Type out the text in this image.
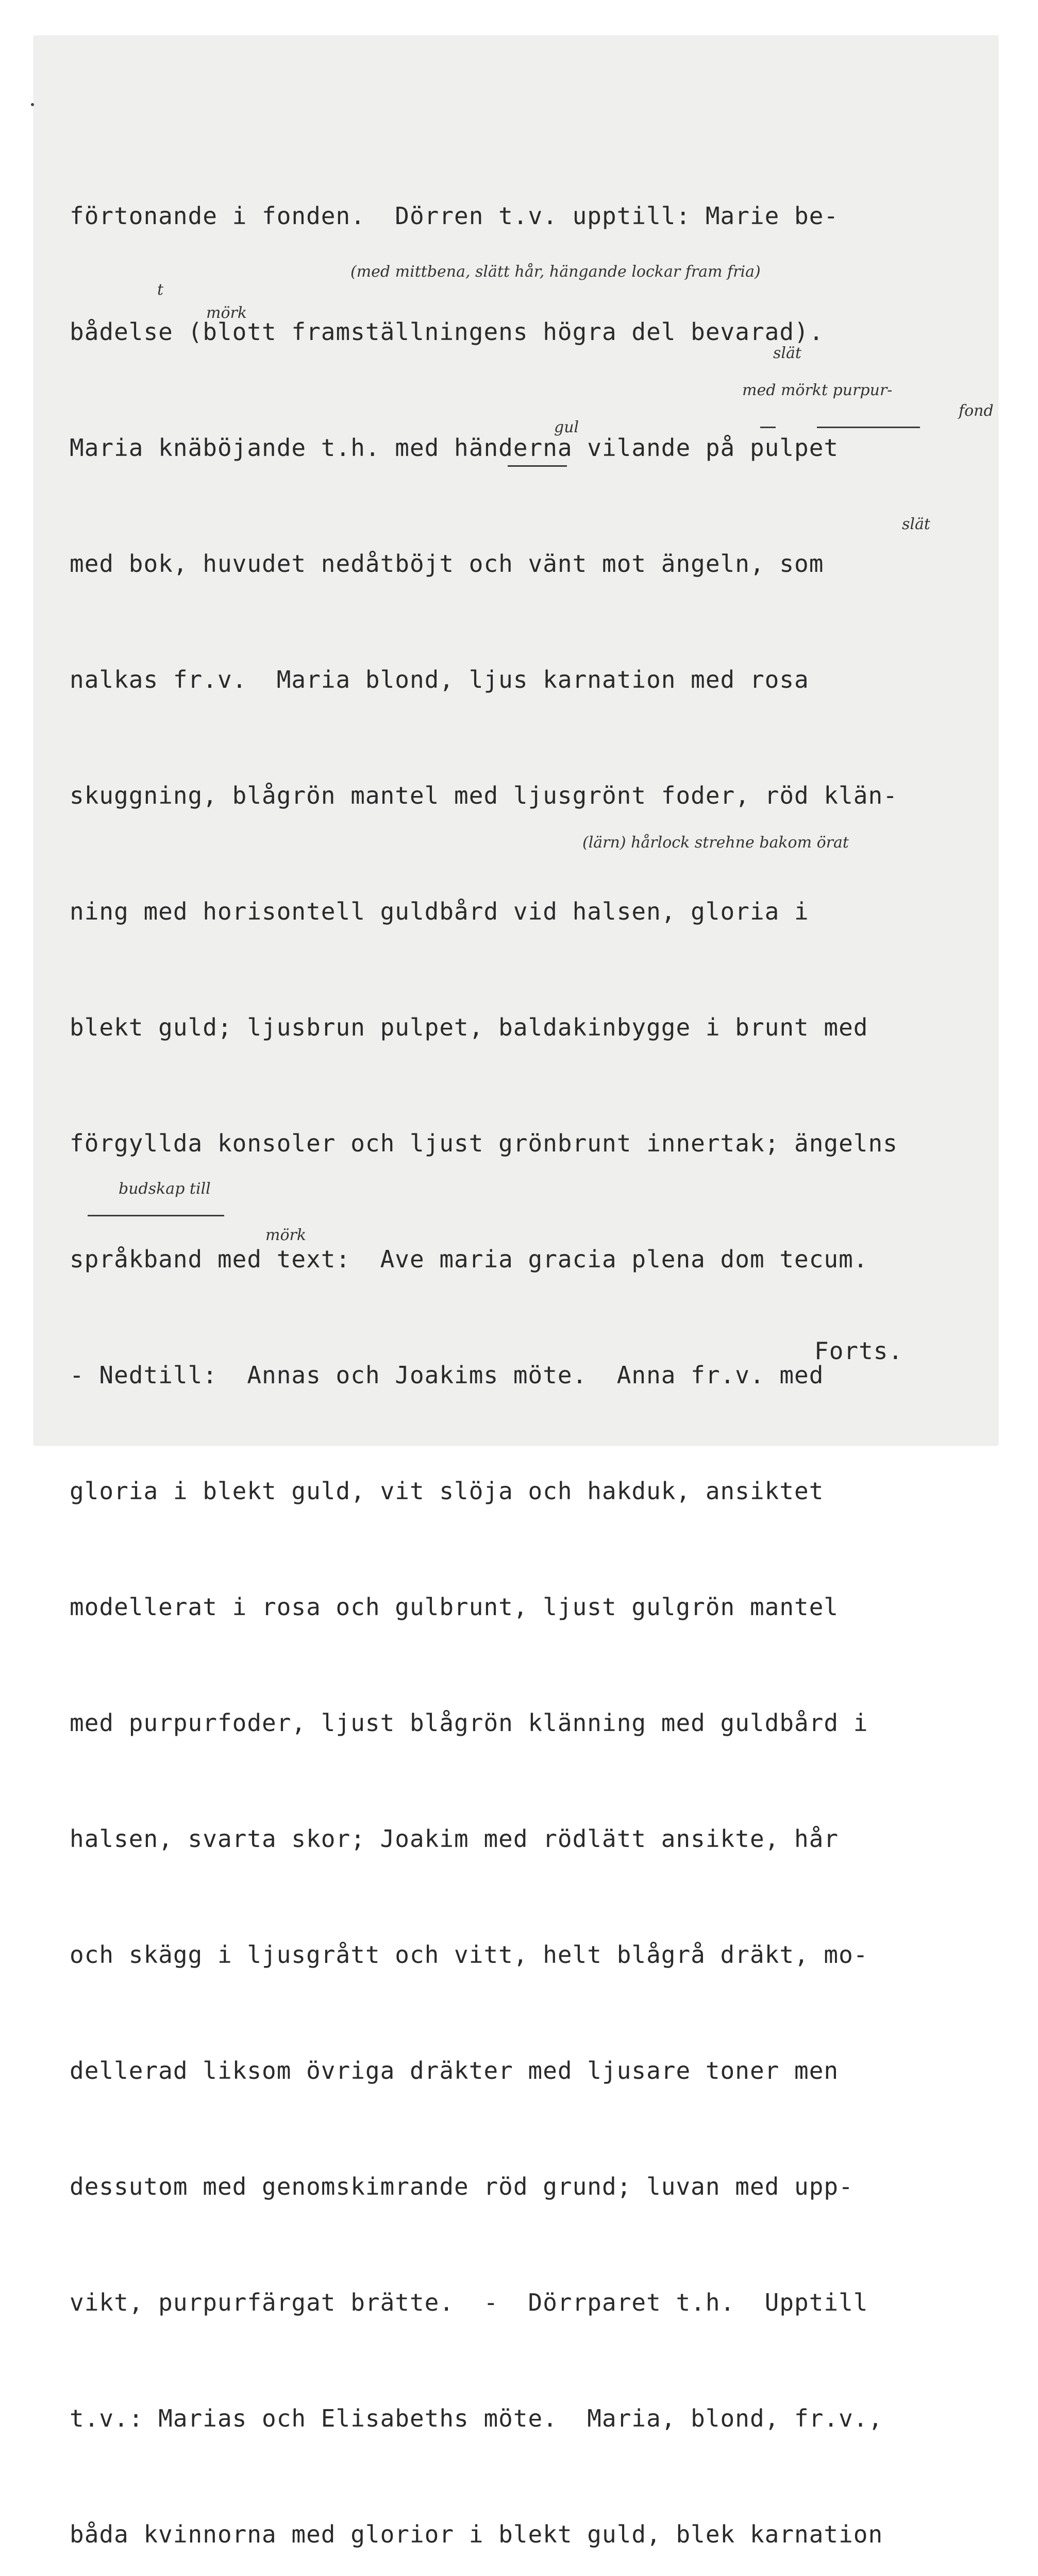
förtonande i fonden.  Dörren t.v. upptill: Marie be-

bådelse (blott framställningens högra del bevarad).

Maria knäböjande t.h. med händerna vilande på pulpet

med bok, huvudet nedåtböjt och vänt mot ängeln, som

nalkas fr.v.  Maria blond, ljus karnation med rosa

skuggning, blågrön mantel med ljusgrönt foder, röd klän-

ning med horisontell guldbård vid halsen, gloria i

blekt guld; ljusbrun pulpet, baldakinbygge i brunt med

förgyllda konsoler och ljust grönbrunt innertak; ängelns

språkband med text:  Ave maria gracia plena dom tecum.

- Nedtill:  Annas och Joakims möte.  Anna fr.v. med

gloria i blekt guld, vit slöja och hakduk, ansiktet

modellerat i rosa och gulbrunt, ljust gulgrön mantel

med purpurfoder, ljust blågrön klänning med guldbård i

halsen, svarta skor; Joakim med rödlätt ansikte, hår

och skägg i ljusgrått och vitt, helt blågrå dräkt, mo-

dellerad liksom övriga dräkter med ljusare toner men

dessutom med genomskimrande röd grund; luvan med upp-

vikt, purpurfärgat brätte.  -  Dörrparet t.h.  Upptill

t.v.: Marias och Elisabeths möte.  Maria, blond, fr.v.,

båda kvinnorna med glorior i blekt guld, blek karnation

(med mittbena, slätt hår, hängande lockar fram fria)
t
mörk
slät
med mörkt purpur-
fond
gul
slät
(lärn) hårlock strehne bakom örat
budskap till
mörk
Forts.
